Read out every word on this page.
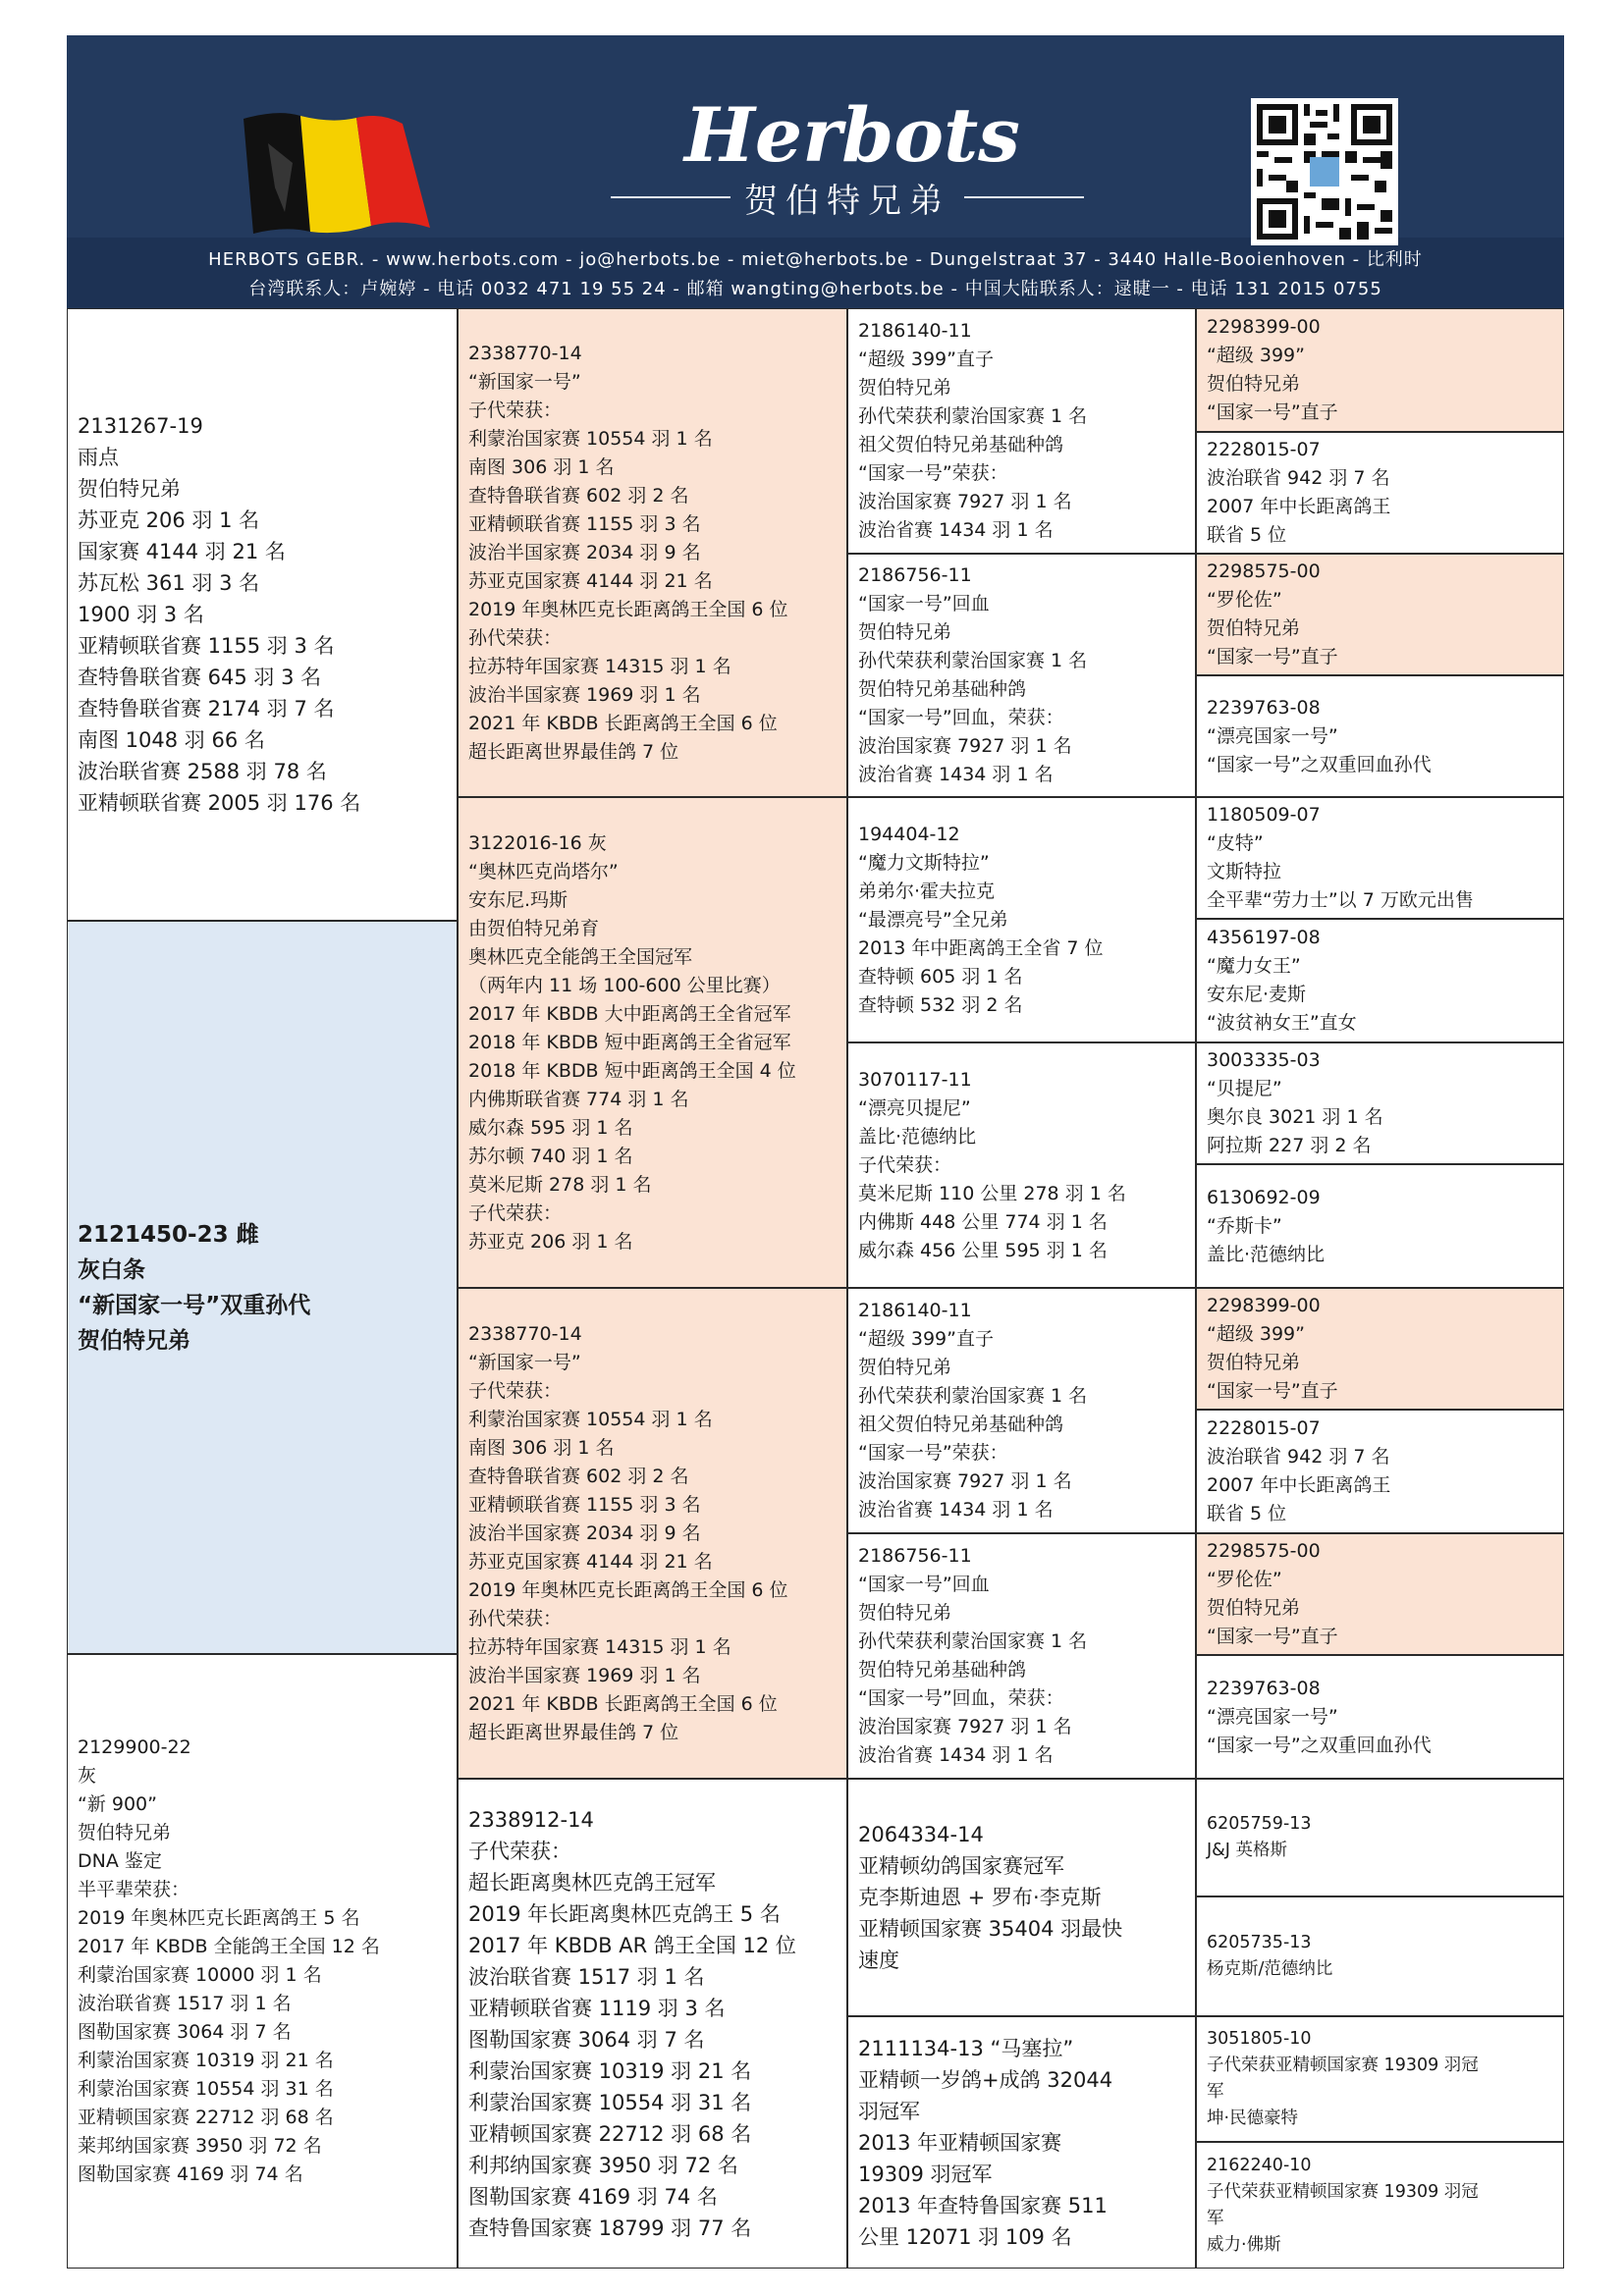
Herbots
贺伯特兄弟
HERBOTS GEBR. - www.herbots.com - jo@herbots.be - miet@herbots.be - Dungelstraat 37 - 3440 Halle-Booienhoven - 比利时
台湾联系人：卢婉婷 - 电话 0032 471 19 55 24 - 邮箱 wangting@herbots.be - 中国大陆联系人：逯睫一 - 电话 131 2015 0755
2131267-19
雨点
贺伯特兄弟
苏亚克 206 羽 1 名
国家赛 4144 羽 21 名
苏瓦松 361 羽 3 名
1900 羽 3 名
亚精顿联省赛 1155 羽 3 名
查特鲁联省赛 645 羽 3 名
查特鲁联省赛 2174 羽 7 名
南图 1048 羽 66 名
波治联省赛 2588 羽 78 名
亚精顿联省赛 2005 羽 176 名
2121450-23 雌
灰白条
“新国家一号”双重孙代
贺伯特兄弟
2129900-22
灰
“新 900”
贺伯特兄弟
DNA 鉴定
半平辈荣获：
2019 年奥林匹克长距离鸽王 5 名
2017 年 KBDB 全能鸽王全国 12 名
利蒙治国家赛 10000 羽 1 名
波治联省赛 1517 羽 1 名
图勒国家赛 3064 羽 7 名
利蒙治国家赛 10319 羽 21 名
利蒙治国家赛 10554 羽 31 名
亚精顿国家赛 22712 羽 68 名
莱邦纳国家赛 3950 羽 72 名
图勒国家赛 4169 羽 74 名
2338770-14
“新国家一号”
子代荣获：
利蒙治国家赛 10554 羽 1 名
南图 306 羽 1 名
查特鲁联省赛 602 羽 2 名
亚精顿联省赛 1155 羽 3 名
波治半国家赛 2034 羽 9 名
苏亚克国家赛 4144 羽 21 名
2019 年奥林匹克长距离鸽王全国 6 位
孙代荣获：
拉苏特年国家赛 14315 羽 1 名
波治半国家赛 1969 羽 1 名
2021 年 KBDB 长距离鸽王全国 6 位
超长距离世界最佳鸽 7 位
3122016-16 灰
“奥林匹克尚塔尔”
安东尼.玛斯
由贺伯特兄弟育
奥林匹克全能鸽王全国冠军
（两年内 11 场 100-600 公里比赛）
2017 年 KBDB 大中距离鸽王全省冠军
2018 年 KBDB 短中距离鸽王全省冠军
2018 年 KBDB 短中距离鸽王全国 4 位
内佛斯联省赛 774 羽 1 名
威尔森 595 羽 1 名
苏尔顿 740 羽 1 名
莫米尼斯 278 羽 1 名
子代荣获：
苏亚克 206 羽 1 名
2338770-14
“新国家一号”
子代荣获：
利蒙治国家赛 10554 羽 1 名
南图 306 羽 1 名
查特鲁联省赛 602 羽 2 名
亚精顿联省赛 1155 羽 3 名
波治半国家赛 2034 羽 9 名
苏亚克国家赛 4144 羽 21 名
2019 年奥林匹克长距离鸽王全国 6 位
孙代荣获：
拉苏特年国家赛 14315 羽 1 名
波治半国家赛 1969 羽 1 名
2021 年 KBDB 长距离鸽王全国 6 位
超长距离世界最佳鸽 7 位
2338912-14
子代荣获：
超长距离奥林匹克鸽王冠军
2019 年长距离奥林匹克鸽王 5 名
2017 年 KBDB AR 鸽王全国 12 位
波治联省赛 1517 羽 1 名
亚精顿联省赛 1119 羽 3 名
图勒国家赛 3064 羽 7 名
利蒙治国家赛 10319 羽 21 名
利蒙治国家赛 10554 羽 31 名
亚精顿国家赛 22712 羽 68 名
利邦纳国家赛 3950 羽 72 名
图勒国家赛 4169 羽 74 名
查特鲁国家赛 18799 羽 77 名
2186140-11
“超级 399”直子
贺伯特兄弟
孙代荣获利蒙治国家赛 1 名
祖父贺伯特兄弟基础种鸽
“国家一号”荣获：
波治国家赛 7927 羽 1 名
波治省赛 1434 羽 1 名
2186756-11
“国家一号”回血
贺伯特兄弟
孙代荣获利蒙治国家赛 1 名
贺伯特兄弟基础种鸽
“国家一号”回血，荣获：
波治国家赛 7927 羽 1 名
波治省赛 1434 羽 1 名
194404-12
“魔力文斯特拉”
弟弟尔·霍夫拉克
“最漂亮号”全兄弟
2013 年中距离鸽王全省 7 位
查特顿 605 羽 1 名
查特顿 532 羽 2 名
3070117-11
“漂亮贝提尼”
盖比·范德纳比
子代荣获：
莫米尼斯 110 公里 278 羽 1 名
内佛斯 448 公里 774 羽 1 名
威尔森 456 公里 595 羽 1 名
2186140-11
“超级 399”直子
贺伯特兄弟
孙代荣获利蒙治国家赛 1 名
祖父贺伯特兄弟基础种鸽
“国家一号”荣获：
波治国家赛 7927 羽 1 名
波治省赛 1434 羽 1 名
2186756-11
“国家一号”回血
贺伯特兄弟
孙代荣获利蒙治国家赛 1 名
贺伯特兄弟基础种鸽
“国家一号”回血，荣获：
波治国家赛 7927 羽 1 名
波治省赛 1434 羽 1 名
2064334-14
亚精顿幼鸽国家赛冠军
克李斯迪恩 + 罗布·李克斯
亚精顿国家赛 35404 羽最快
速度
2111134-13 “马塞拉”
亚精顿一岁鸽+成鸽 32044
羽冠军
2013 年亚精顿国家赛
19309 羽冠军
2013 年查特鲁国家赛 511
公里 12071 羽 109 名
2298399-00
“超级 399”
贺伯特兄弟
“国家一号”直子
2228015-07
波治联省 942 羽 7 名
2007 年中长距离鸽王
联省 5 位
2298575-00
“罗伦佐”
贺伯特兄弟
“国家一号”直子
2239763-08
“漂亮国家一号”
“国家一号”之双重回血孙代
1180509-07
“皮特”
文斯特拉
全平辈“劳力士”以 7 万欧元出售
4356197-08
“魔力女王”
安东尼·麦斯
“波贫衲女王”直女
3003335-03
“贝提尼”
奥尔良 3021 羽 1 名
阿拉斯 227 羽 2 名
6130692-09
“乔斯卡”
盖比·范德纳比
2298399-00
“超级 399”
贺伯特兄弟
“国家一号”直子
2228015-07
波治联省 942 羽 7 名
2007 年中长距离鸽王
联省 5 位
2298575-00
“罗伦佐”
贺伯特兄弟
“国家一号”直子
2239763-08
“漂亮国家一号”
“国家一号”之双重回血孙代
6205759-13
J&J 英格斯
6205735-13
杨克斯/范德纳比
3051805-10
子代荣获亚精顿国家赛 19309 羽冠
军
坤·民德豪特
2162240-10
子代荣获亚精顿国家赛 19309 羽冠
军
威力·佛斯
